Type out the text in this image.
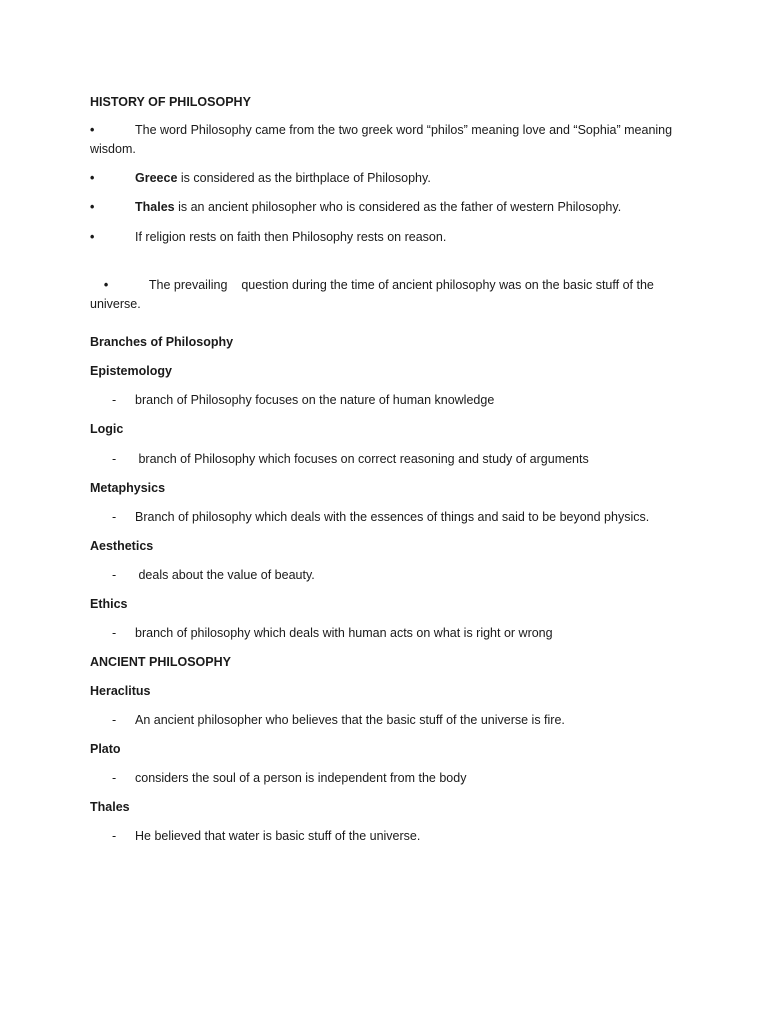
HISTORY OF PHILOSOPHY
•	The word Philosophy came from the two greek word “philos” meaning love and “Sophia” meaning wisdom.
•	Greece is considered as the birthplace of Philosophy.
•	Thales is an ancient philosopher who is considered as the father of western Philosophy.
•	If religion rests on faith then Philosophy rests on reason.

•	The prevailing    question during the time of ancient philosophy was on the basic stuff of the universe.

Branches of Philosophy
Epistemology
- branch of Philosophy focuses on the nature of human knowledge
Logic
- branch of Philosophy which focuses on correct reasoning and study of arguments
Metaphysics
- Branch of philosophy which deals with the essences of things and said to be beyond physics.
Aesthetics
- deals about the value of beauty.
Ethics
- branch of philosophy which deals with human acts on what is right or wrong
ANCIENT PHILOSOPHY
Heraclitus
- An ancient philosopher who believes that the basic stuff of the universe is fire.
Plato
- considers the soul of a person is independent from the body
Thales
- He believed that water is basic stuff of the universe.
